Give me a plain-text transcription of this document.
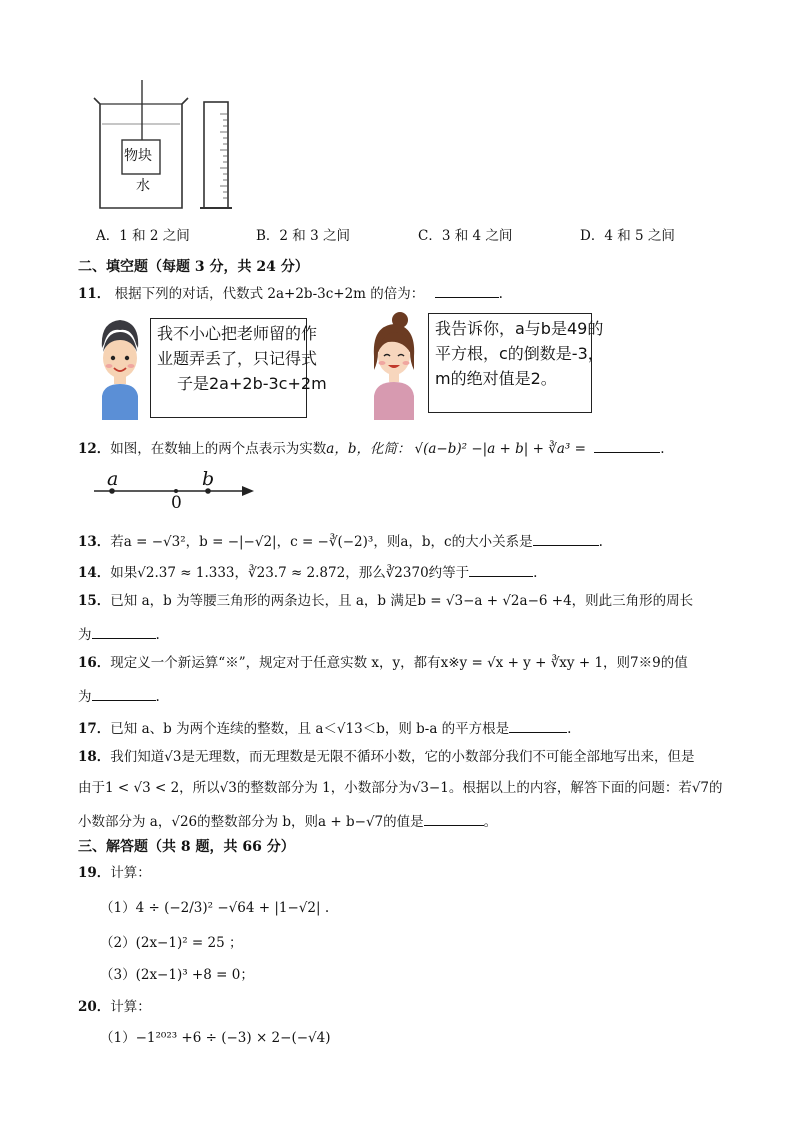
物块
水
A．1 和 2 之间	B．2 和 3 之间	C．3 和 4 之间	D．4 和 5 之间
二、填空题（每题 3 分，共 24 分）
11． 根据下列的对话，代数式 2a+2b-3c+2m 的倍为：	.
我不小心把老师留的作
业题弄丢了，只记得式
子是2a+2b-3c+2m
我告诉你，a与b是49的
平方根，c的倒数是-3，
m的绝对值是2。
12．如图，在数轴上的两个点表示为实数a，b，化简： √(a−b)² −|a + b| + ∛a³ =	.
a	b
0
13．若a = −√3²，b = −|−√2|，c = −∛(−2)³，则a，b，c的大小关系是	.
14．如果√2.37 ≈ 1.333，∛23.7 ≈ 2.872，那么∛2370约等于	.
15．已知 a，b 为等腰三角形的两条边长，且 a，b 满足b = √3−a + √2a−6 +4，则此三角形的周长
为	.
16．现定义一个新运算“※”，规定对于任意实数 x，y，都有x※y = √x + y + ∛xy + 1，则7※9的值
为	.
17．已知 a、b 为两个连续的整数，且 a＜√13＜b，则 b-a 的平方根是	.
18．我们知道√3是无理数，而无理数是无限不循环小数，它的小数部分我们不可能全部地写出来，但是
由于1 < √3 < 2，所以√3的整数部分为 1，小数部分为√3−1。根据以上的内容，解答下面的问题：若√7的
小数部分为 a，√26的整数部分为 b，则a + b−√7的值是	。
三、解答题（共 8 题，共 66 分）
19．计算：
（1）4 ÷ (−2/3)² −√64 + |1−√2| .
（2）(2x−1)² = 25 ；
（3）(2x−1)³ +8 = 0；
20．计算：
（1）−1²⁰²³ +6 ÷ (−3) × 2−(−√4)
